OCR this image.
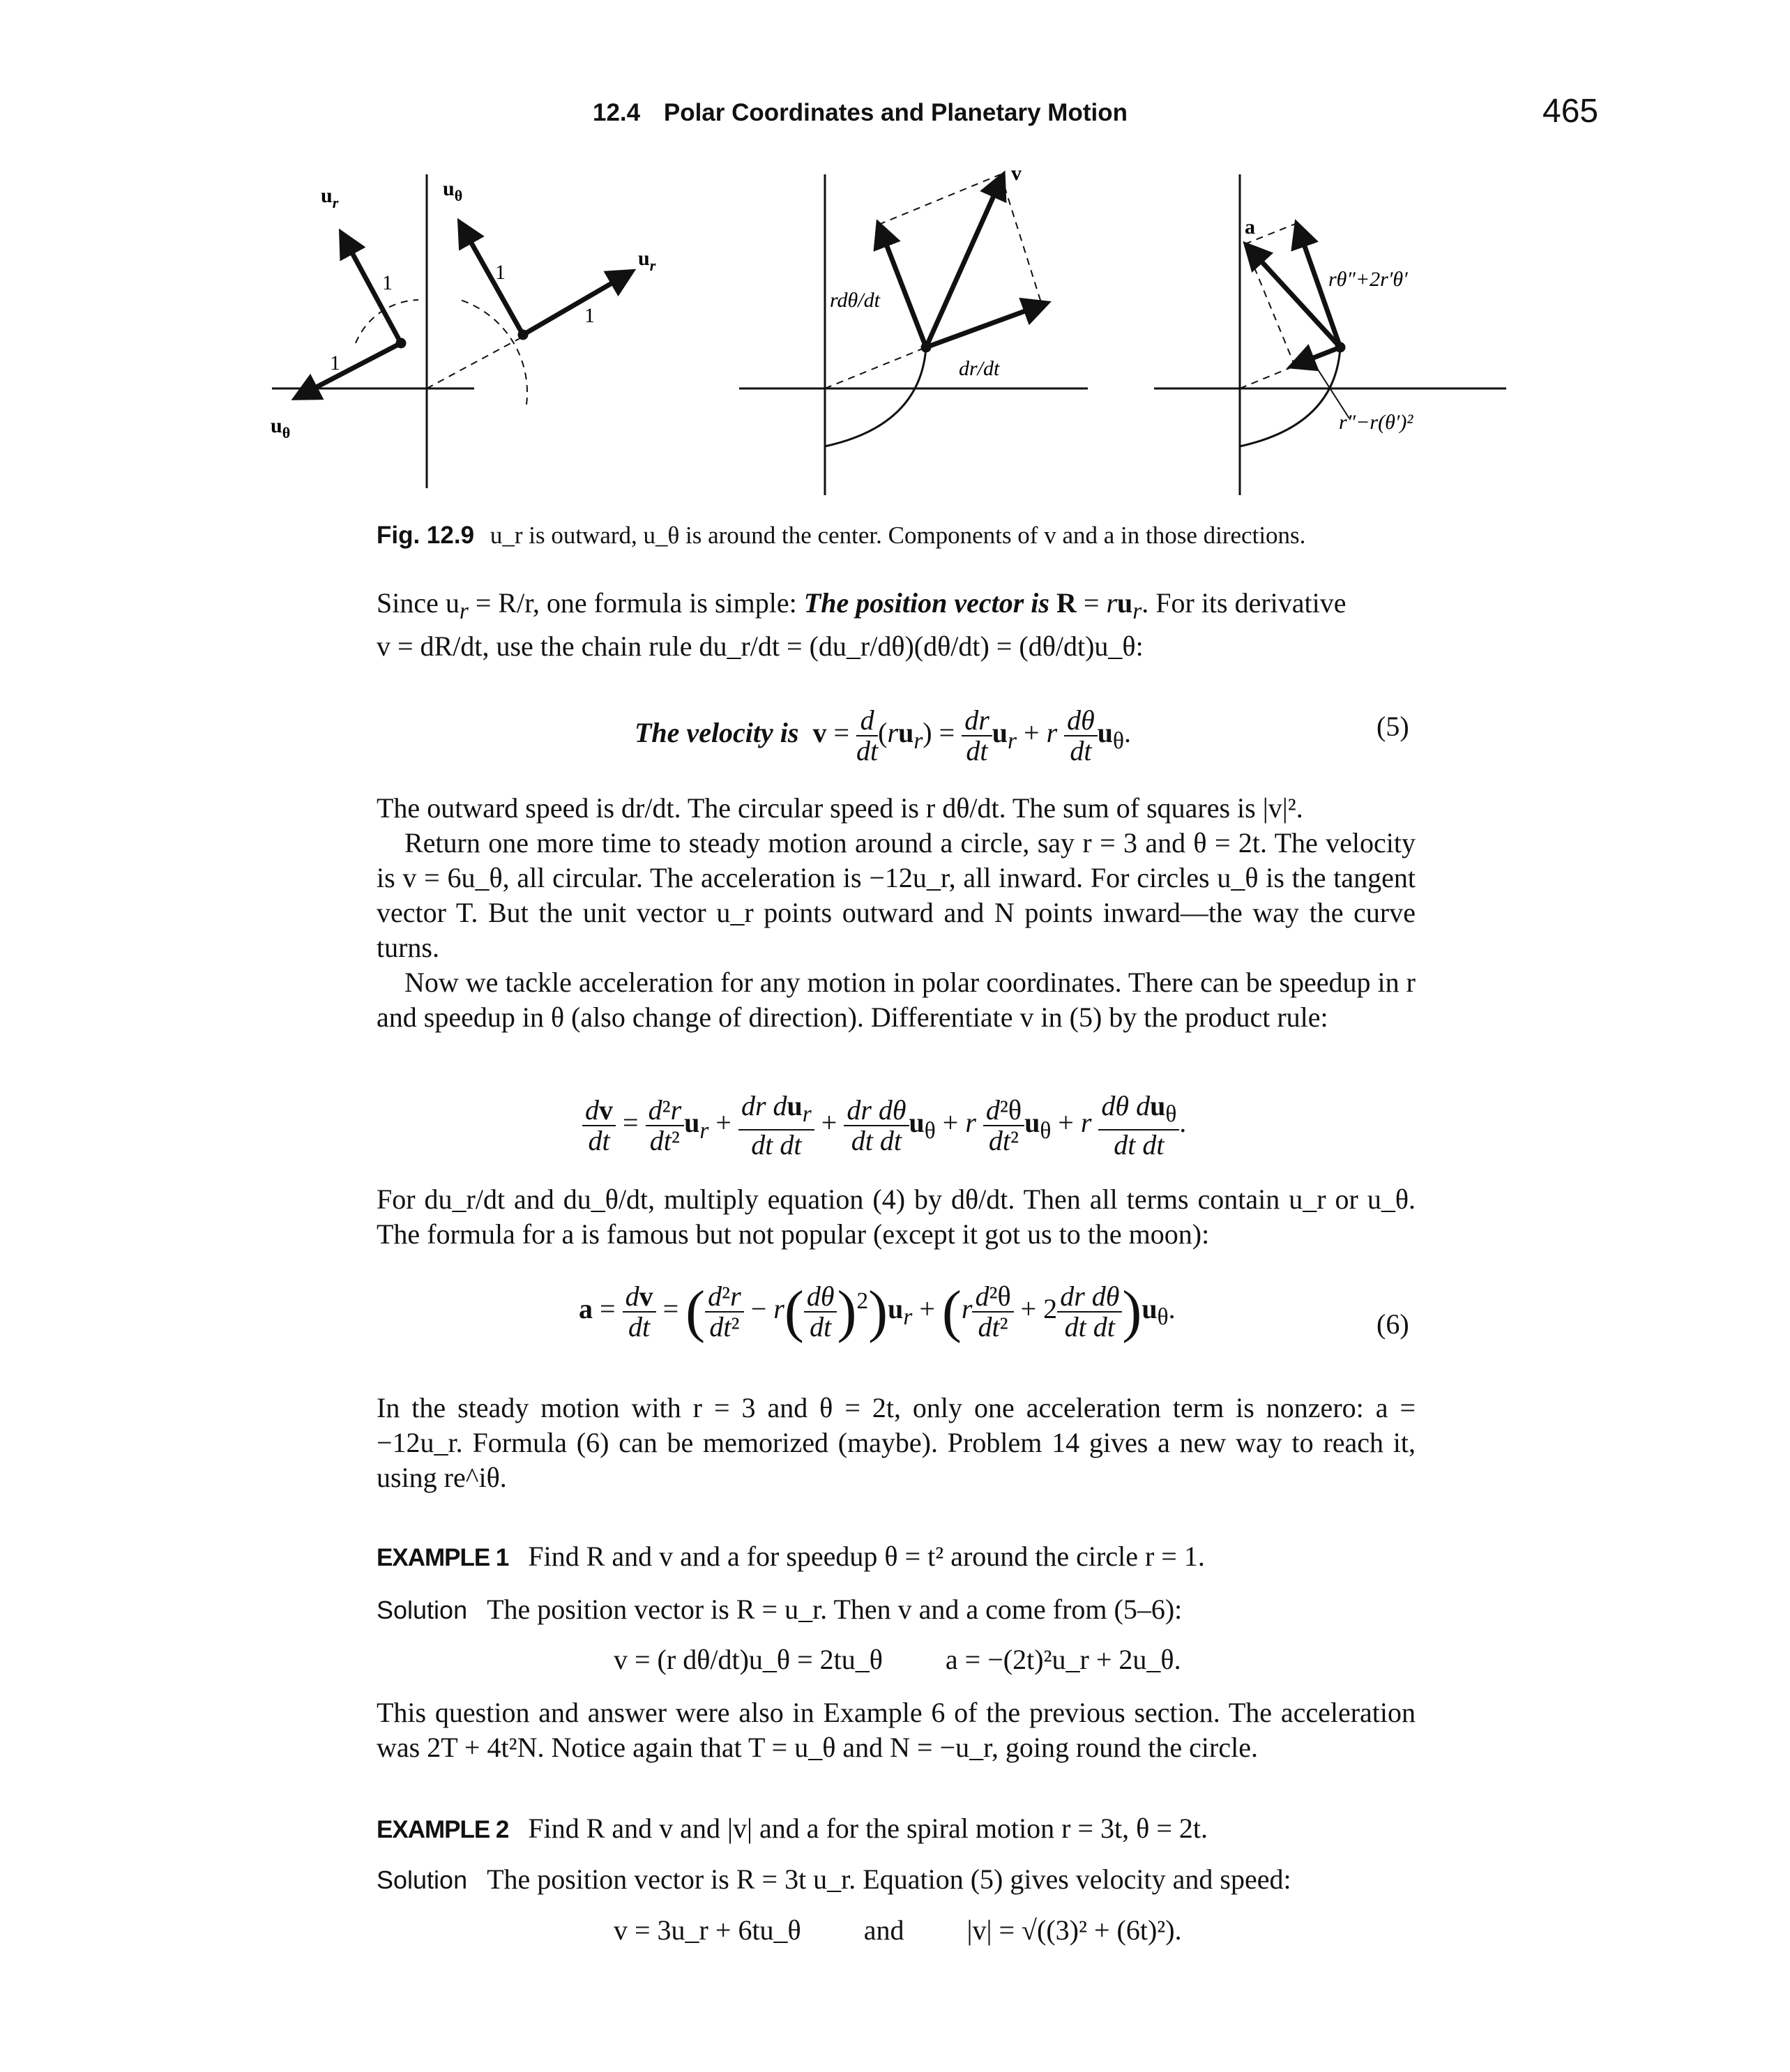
12.4 Polar Coordinates and Planetary Motion	465
$u_r$
$u_\theta$
$u_r$
$u_\theta$
1
1
1
1
v
rdθ/dt
dr/dt
a
rθ″+2r′θ′
r″−r(θ′)²
Fig. 12.9 u_r is outward, u_θ is around the center. Components of v and a in those directions.

Since $u_r = R/r$, one formula is simple: The position vector is $R = ru_r$. For its derivative

v = dR/dt, use the chain rule du_r/dt = (du_r/dθ)(dθ/dt) = (dθ/dt)u_θ:

The velocity is $v = \frac{d}{dt} (ru_r) = \frac{dr}{dt} u_r + r \frac{d\theta}{dt} u_\theta$.	(5)

The outward speed is dr/dt. The circular speed is r dθ/dt. The sum of squares is |v|².

Return one more time to steady motion around a circle, say r = 3 and θ = 2t. The velocity is v = 6u_θ, all circular. The acceleration is −12u_r, all inward. For circles u_θ is the tangent vector T. But the unit vector u_r points outward and N points inward—the way the curve turns.

Now we tackle acceleration for any motion in polar coordinates. There can be speedup in r and speedup in θ (also change of direction). Differentiate v in (5) by the product rule:

$\frac{dv}{dt} = \frac{\text{d²r}}{\text{dt²}} u_r + \frac{dr du_r}{\text{dt dt}} + \frac{\text{dr dθ}}{\text{dt dt}} u_\theta + r \frac{\text{d²θ}}{\text{dt²}} u_\theta + r \frac{d\theta du_\theta}{\text{dt dt}}$ .

For du_r/dt and du_θ/dt, multiply equation (4) by dθ/dt. Then all terms contain u_r or u_θ. The formula for a is famous but not popular (except it got us to the moon):

$a = \frac{dv}{dt}$ = ( $\frac{\text{d²r}}{\text{dt²}} - r( \frac{d\theta}{dt} )^2)u_r + (r \frac{\text{d²θ}}{\text{dt²}} + 2 \frac{\text{dr dθ}}{\text{dt dt}} )u_\theta$.	(6)

In the steady motion with r = 3 and θ = 2t, only one acceleration term is nonzero: a = −12u_r. Formula (6) can be memorized (maybe). Problem 14 gives a new way to reach it, using re^iθ.

EXAMPLE 1 Find R and v and a for speedup θ = t² around the circle r = 1.
Solution The position vector is R = u_r. Then v and a come from (5–6):
v = (r dθ/dt)u_θ = 2tu_θ a = −(2t)²u_r + 2u_θ.

This question and answer were also in Example 6 of the previous section. The acceleration was 2T + 4t²N. Notice again that T = u_θ and N = −u_r, going round the circle.

EXAMPLE 2 Find R and v and |v| and a for the spiral motion r = 3t, θ = 2t.
Solution The position vector is R = 3t u_r. Equation (5) gives velocity and speed:
v = 3u_r + 6tu_θ and |v| = √((3)² + (6t)²).
